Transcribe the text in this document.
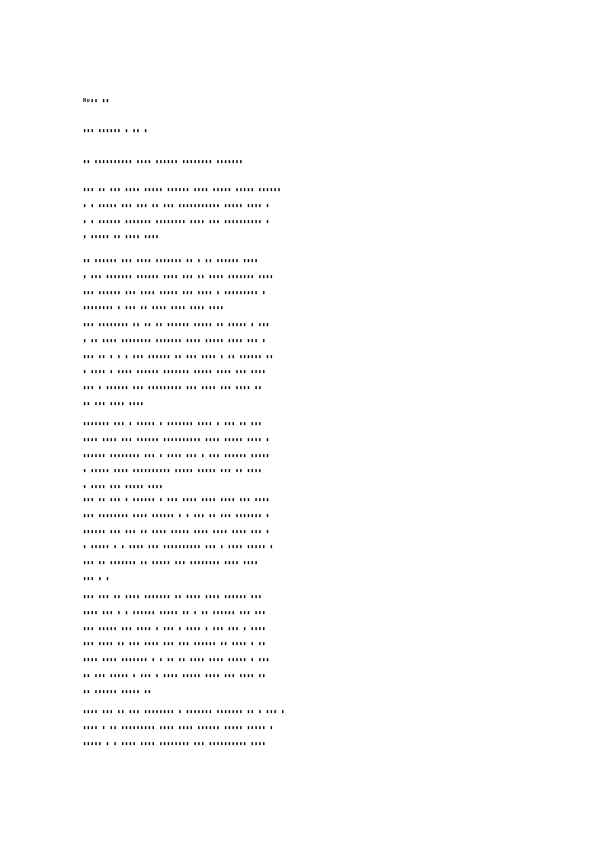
Nu▮▮ ▮▮
▮▮▮ ▮▮▮▮▮▮ ▮ ▮▮ ▮
▮▮ ▮▮▮▮▮▮▮▮▮▮ ▮▮▮▮ ▮▮▮▮▮▮ ▮▮▮▮▮▮▮▮ ▮▮▮▮▮▮▮
▮▮▮ ▮▮ ▮▮▮ ▮▮▮▮ ▮▮▮▮▮ ▮▮▮▮▮▮ ▮▮▮▮ ▮▮▮▮▮ ▮▮▮▮▮ ▮▮▮▮▮▮
▮ ▮ ▮▮▮▮▮ ▮▮▮ ▮▮▮ ▮▮ ▮▮▮ ▮▮▮▮▮▮▮▮▮▮▮ ▮▮▮▮▮ ▮▮▮▮ ▮
▮ ▮ ▮▮▮▮▮▮ ▮▮▮▮▮▮▮ ▮▮▮▮▮▮▮▮ ▮▮▮▮ ▮▮▮ ▮▮▮▮▮▮▮▮▮▮ ▮
▮ ▮▮▮▮▮ ▮▮ ▮▮▮▮ ▮▮▮▮
▮▮ ▮▮▮▮▮▮ ▮▮▮ ▮▮▮▮ ▮▮▮▮▮▮▮ ▮▮ ▮ ▮▮ ▮▮▮▮▮▮ ▮▮▮▮
▮ ▮▮▮ ▮▮▮▮▮▮▮ ▮▮▮▮▮▮ ▮▮▮▮ ▮▮▮ ▮▮ ▮▮▮▮ ▮▮▮▮▮▮▮ ▮▮▮▮
▮▮▮ ▮▮▮▮▮▮ ▮▮▮ ▮▮▮▮ ▮▮▮▮▮ ▮▮▮ ▮▮▮▮ ▮ ▮▮▮▮▮▮▮▮▮ ▮
▮▮▮▮▮▮▮▮ ▮ ▮▮▮ ▮▮ ▮▮▮▮ ▮▮▮▮ ▮▮▮▮ ▮▮▮▮
▮▮▮ ▮▮▮▮▮▮▮▮ ▮▮ ▮▮ ▮▮ ▮▮▮▮▮▮ ▮▮▮▮▮ ▮▮ ▮▮▮▮▮ ▮ ▮▮▮
▮ ▮▮ ▮▮▮▮ ▮▮▮▮▮▮▮▮ ▮▮▮▮▮▮▮ ▮▮▮▮ ▮▮▮▮▮ ▮▮▮▮ ▮▮▮ ▮
▮▮▮ ▮▮ ▮ ▮ ▮ ▮▮▮ ▮▮▮▮▮▮ ▮▮ ▮▮▮ ▮▮▮▮ ▮ ▮▮ ▮▮▮▮▮▮ ▮▮
▮ ▮▮▮▮ ▮ ▮▮▮▮ ▮▮▮▮▮▮ ▮▮▮▮▮▮▮ ▮▮▮▮▮ ▮▮▮▮ ▮▮▮ ▮▮▮▮
▮▮▮ ▮ ▮▮▮▮▮▮ ▮▮▮ ▮▮▮▮▮▮▮▮▮ ▮▮▮ ▮▮▮▮ ▮▮▮ ▮▮▮▮ ▮▮
▮▮ ▮▮▮ ▮▮▮▮ ▮▮▮▮
▮▮▮▮▮▮▮ ▮▮▮ ▮ ▮▮▮▮▮ ▮ ▮▮▮▮▮▮▮ ▮▮▮▮ ▮ ▮▮▮ ▮▮ ▮▮▮
▮▮▮▮ ▮▮▮▮ ▮▮▮ ▮▮▮▮▮▮ ▮▮▮▮▮▮▮▮▮▮ ▮▮▮▮ ▮▮▮▮▮ ▮▮▮▮ ▮
▮▮▮▮▮▮ ▮▮▮▮▮▮▮▮ ▮▮▮ ▮ ▮▮▮▮ ▮▮▮ ▮ ▮▮▮ ▮▮▮▮▮▮ ▮▮▮▮▮
▮ ▮▮▮▮▮ ▮▮▮▮ ▮▮▮▮▮▮▮▮▮▮ ▮▮▮▮▮ ▮▮▮▮▮ ▮▮▮ ▮▮ ▮▮▮▮
▮ ▮▮▮▮ ▮▮▮ ▮▮▮▮▮ ▮▮▮▮
▮▮▮ ▮▮ ▮▮▮ ▮ ▮▮▮▮▮▮ ▮ ▮▮▮ ▮▮▮▮ ▮▮▮▮ ▮▮▮▮ ▮▮▮ ▮▮▮▮
▮▮▮ ▮▮▮▮▮▮▮▮ ▮▮▮▮ ▮▮▮▮▮▮ ▮ ▮ ▮▮▮ ▮▮ ▮▮▮ ▮▮▮▮▮▮▮ ▮
▮▮▮▮▮▮ ▮▮▮ ▮▮▮ ▮▮ ▮▮▮▮ ▮▮▮▮▮ ▮▮▮▮ ▮▮▮▮ ▮▮▮▮ ▮▮▮ ▮
▮ ▮▮▮▮▮ ▮ ▮ ▮▮▮▮ ▮▮▮ ▮▮▮▮▮▮▮▮▮▮ ▮▮▮ ▮ ▮▮▮▮ ▮▮▮▮▮ ▮
▮▮▮ ▮▮ ▮▮▮▮▮▮▮ ▮▮ ▮▮▮▮▮ ▮▮▮ ▮▮▮▮▮▮▮▮ ▮▮▮▮ ▮▮▮▮
▮▮▮ ▮ ▮
▮▮▮ ▮▮▮ ▮▮ ▮▮▮▮ ▮▮▮▮▮▮▮ ▮▮ ▮▮▮▮ ▮▮▮▮ ▮▮▮▮▮▮ ▮▮▮
▮▮▮▮ ▮▮▮ ▮ ▮ ▮▮▮▮▮▮ ▮▮▮▮▮ ▮▮ ▮ ▮▮ ▮▮▮▮▮▮ ▮▮▮ ▮▮▮
▮▮▮ ▮▮▮▮▮ ▮▮▮ ▮▮▮▮ ▮ ▮▮▮ ▮ ▮▮▮▮ ▮ ▮▮▮ ▮▮▮ ▮ ▮▮▮▮
▮▮▮ ▮▮▮▮ ▮▮ ▮▮▮ ▮▮▮▮ ▮▮▮ ▮▮▮ ▮▮▮▮▮▮ ▮▮ ▮▮▮▮ ▮ ▮▮
▮▮▮▮ ▮▮▮▮ ▮▮▮▮▮▮▮ ▮ ▮ ▮▮ ▮▮ ▮▮▮▮ ▮▮▮▮ ▮▮▮▮▮ ▮ ▮▮▮
▮▮ ▮▮▮ ▮▮▮▮▮ ▮ ▮▮▮ ▮ ▮▮▮▮ ▮▮▮▮▮ ▮▮▮▮ ▮▮▮ ▮▮▮▮ ▮▮
▮▮ ▮▮▮▮▮▮ ▮▮▮▮▮ ▮▮
▮▮▮▮ ▮▮▮ ▮▮ ▮▮▮ ▮▮▮▮▮▮▮▮ ▮ ▮▮▮▮▮▮▮ ▮▮▮▮▮▮▮ ▮▮ ▮ ▮▮▮ ▮
▮▮▮▮ ▮ ▮▮ ▮▮▮▮▮▮▮▮▮ ▮▮▮▮ ▮▮▮▮ ▮▮▮▮▮▮ ▮▮▮▮▮ ▮▮▮▮▮ ▮
▮▮▮▮▮ ▮ ▮ ▮▮▮▮ ▮▮▮▮ ▮▮▮▮▮▮▮▮ ▮▮▮ ▮▮▮▮▮▮▮▮▮▮ ▮▮▮▮
